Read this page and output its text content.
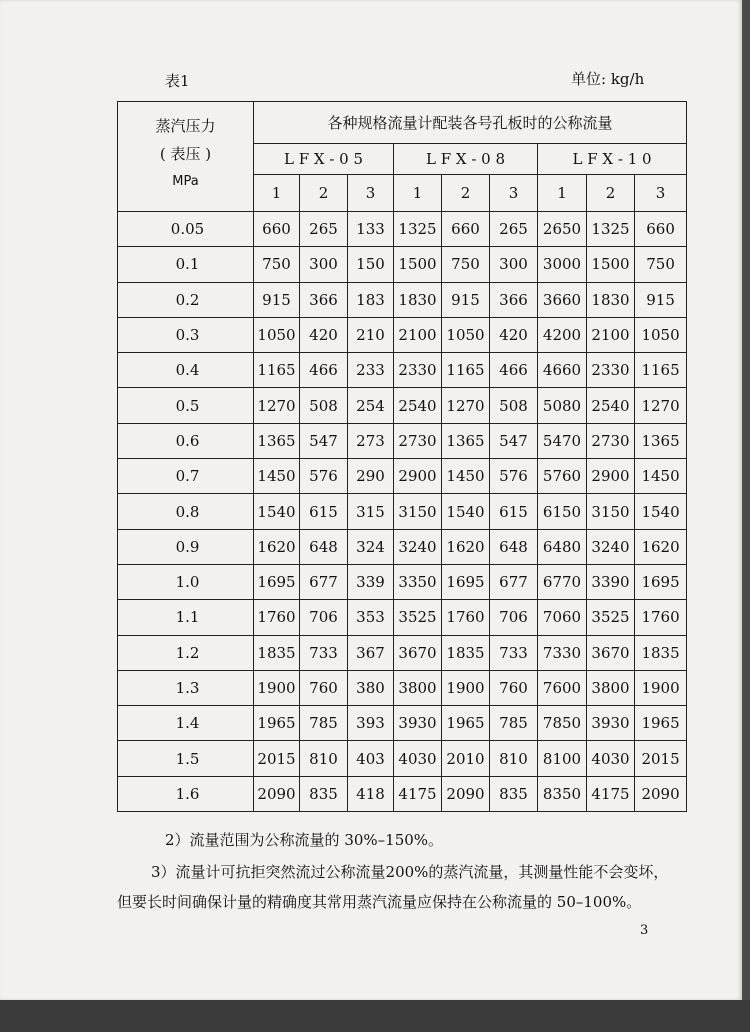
表1	单位: kg/h
蒸汽压力
( 表压 )
MPa	各种规格流量计配装各号孔板时的公称流量								
	L F X - 0 5			L F X - 0 8			L F X - 1 0		
	1	2	3	1	2	3	1	2	3
0.05	660	265	133	1325	660	265	2650	1325	660
0.1	750	300	150	1500	750	300	3000	1500	750
0.2	915	366	183	1830	915	366	3660	1830	915
0.3	1050	420	210	2100	1050	420	4200	2100	1050
0.4	1165	466	233	2330	1165	466	4660	2330	1165
0.5	1270	508	254	2540	1270	508	5080	2540	1270
0.6	1365	547	273	2730	1365	547	5470	2730	1365
0.7	1450	576	290	2900	1450	576	5760	2900	1450
0.8	1540	615	315	3150	1540	615	6150	3150	1540
0.9	1620	648	324	3240	1620	648	6480	3240	1620
1.0	1695	677	339	3350	1695	677	6770	3390	1695
1.1	1760	706	353	3525	1760	706	7060	3525	1760
1.2	1835	733	367	3670	1835	733	7330	3670	1835
1.3	1900	760	380	3800	1900	760	7600	3800	1900
1.4	1965	785	393	3930	1965	785	7850	3930	1965
1.5	2015	810	403	4030	2010	810	8100	4030	2015
1.6	2090	835	418	4175	2090	835	8350	4175	2090
2）流量范围为公称流量的 30%–150%。
3）流量计可抗拒突然流过公称流量200%的蒸汽流量，其测量性能不会变坏，
但要长时间确保计量的精确度其常用蒸汽流量应保持在公称流量的 50–100%。
3
